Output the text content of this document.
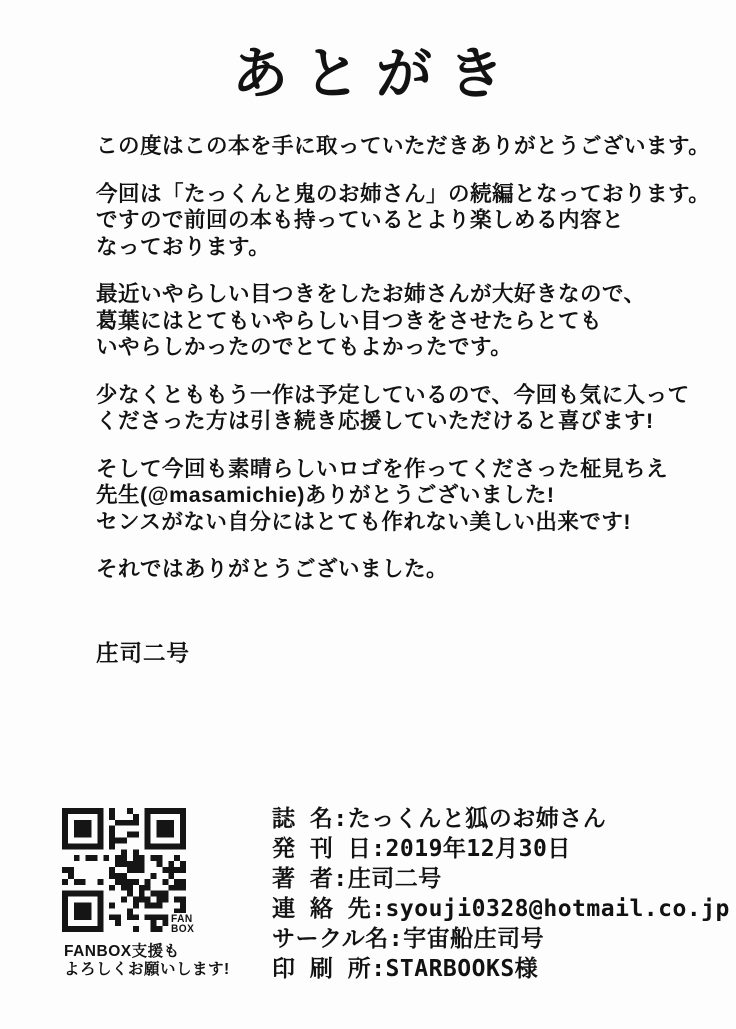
あとがき

この度はこの本を手に取っていただきありがとうございます。

今回は「たっくんと鬼のお姉さん」の続編となっております。
ですので前回の本も持っているとより楽しめる内容と
なっております。

最近いやらしい目つきをしたお姉さんが大好きなので、
葛葉にはとてもいやらしい目つきをさせたらとても
いやらしかったのでとてもよかったです。

少なくとももう一作は予定しているので、今回も気に入って
くださった方は引き続き応援していただけると喜びます!

そして今回も素晴らしいロゴを作ってくださった柾見ちえ
先生(@masamichie)ありがとうございました!
センスがない自分にはとても作れない美しい出来です!

それではありがとうございました。

庄司二号
FAN
BOX
FANBOX支援も
よろしくお願いします!
誌 名:たっくんと狐のお姉さん
発 刊 日:2019年12月30日
著 者:庄司二号
連 絡 先:syouji0328@hotmail.co.jp
サークル名:宇宙船庄司号
印 刷 所:STARBOOKS様
